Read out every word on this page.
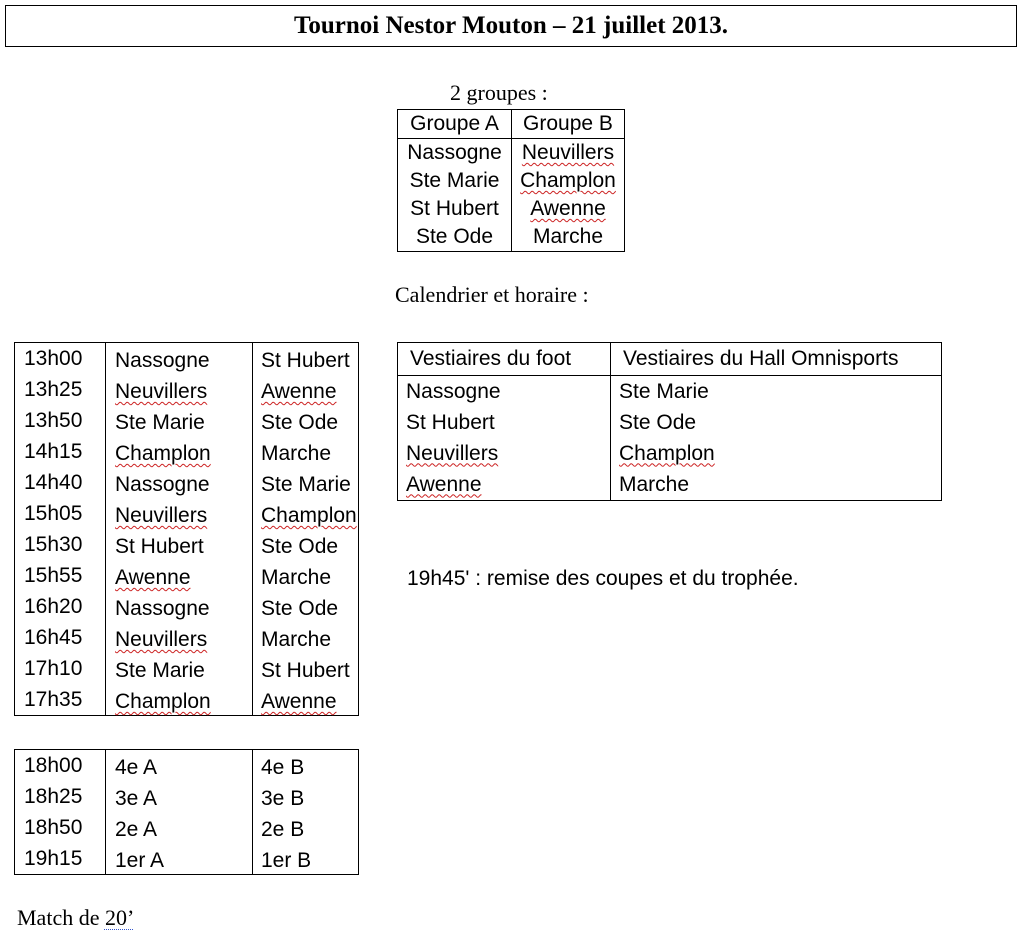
Tournoi Nestor Mouton – 21 juillet 2013.
2 groupes :
Groupe A	Groupe B
Nassogne	Neuvillers
Ste Marie	Champlon
St Hubert	Awenne
Ste Ode	Marche
Calendrier et horaire :
13h00	Nassogne	St Hubert
13h25	Neuvillers	Awenne
13h50	Ste Marie	Ste Ode
14h15	Champlon	Marche
14h40	Nassogne	Ste Marie
15h05	Neuvillers	Champlon
15h30	St Hubert	Ste Ode
15h55	Awenne	Marche
16h20	Nassogne	Ste Ode
16h45	Neuvillers	Marche
17h10	Ste Marie	St Hubert
17h35	Champlon	Awenne
18h00	4e A	4e B
18h25	3e A	3e B
18h50	2e A	2e B
19h15	1er A	1er B
Vestiaires du foot	Vestiaires du Hall Omnisports
Nassogne	Ste Marie
St Hubert	Ste Ode
Neuvillers	Champlon
Awenne	Marche
19h45' : remise des coupes et du trophée.
Match de 20’
